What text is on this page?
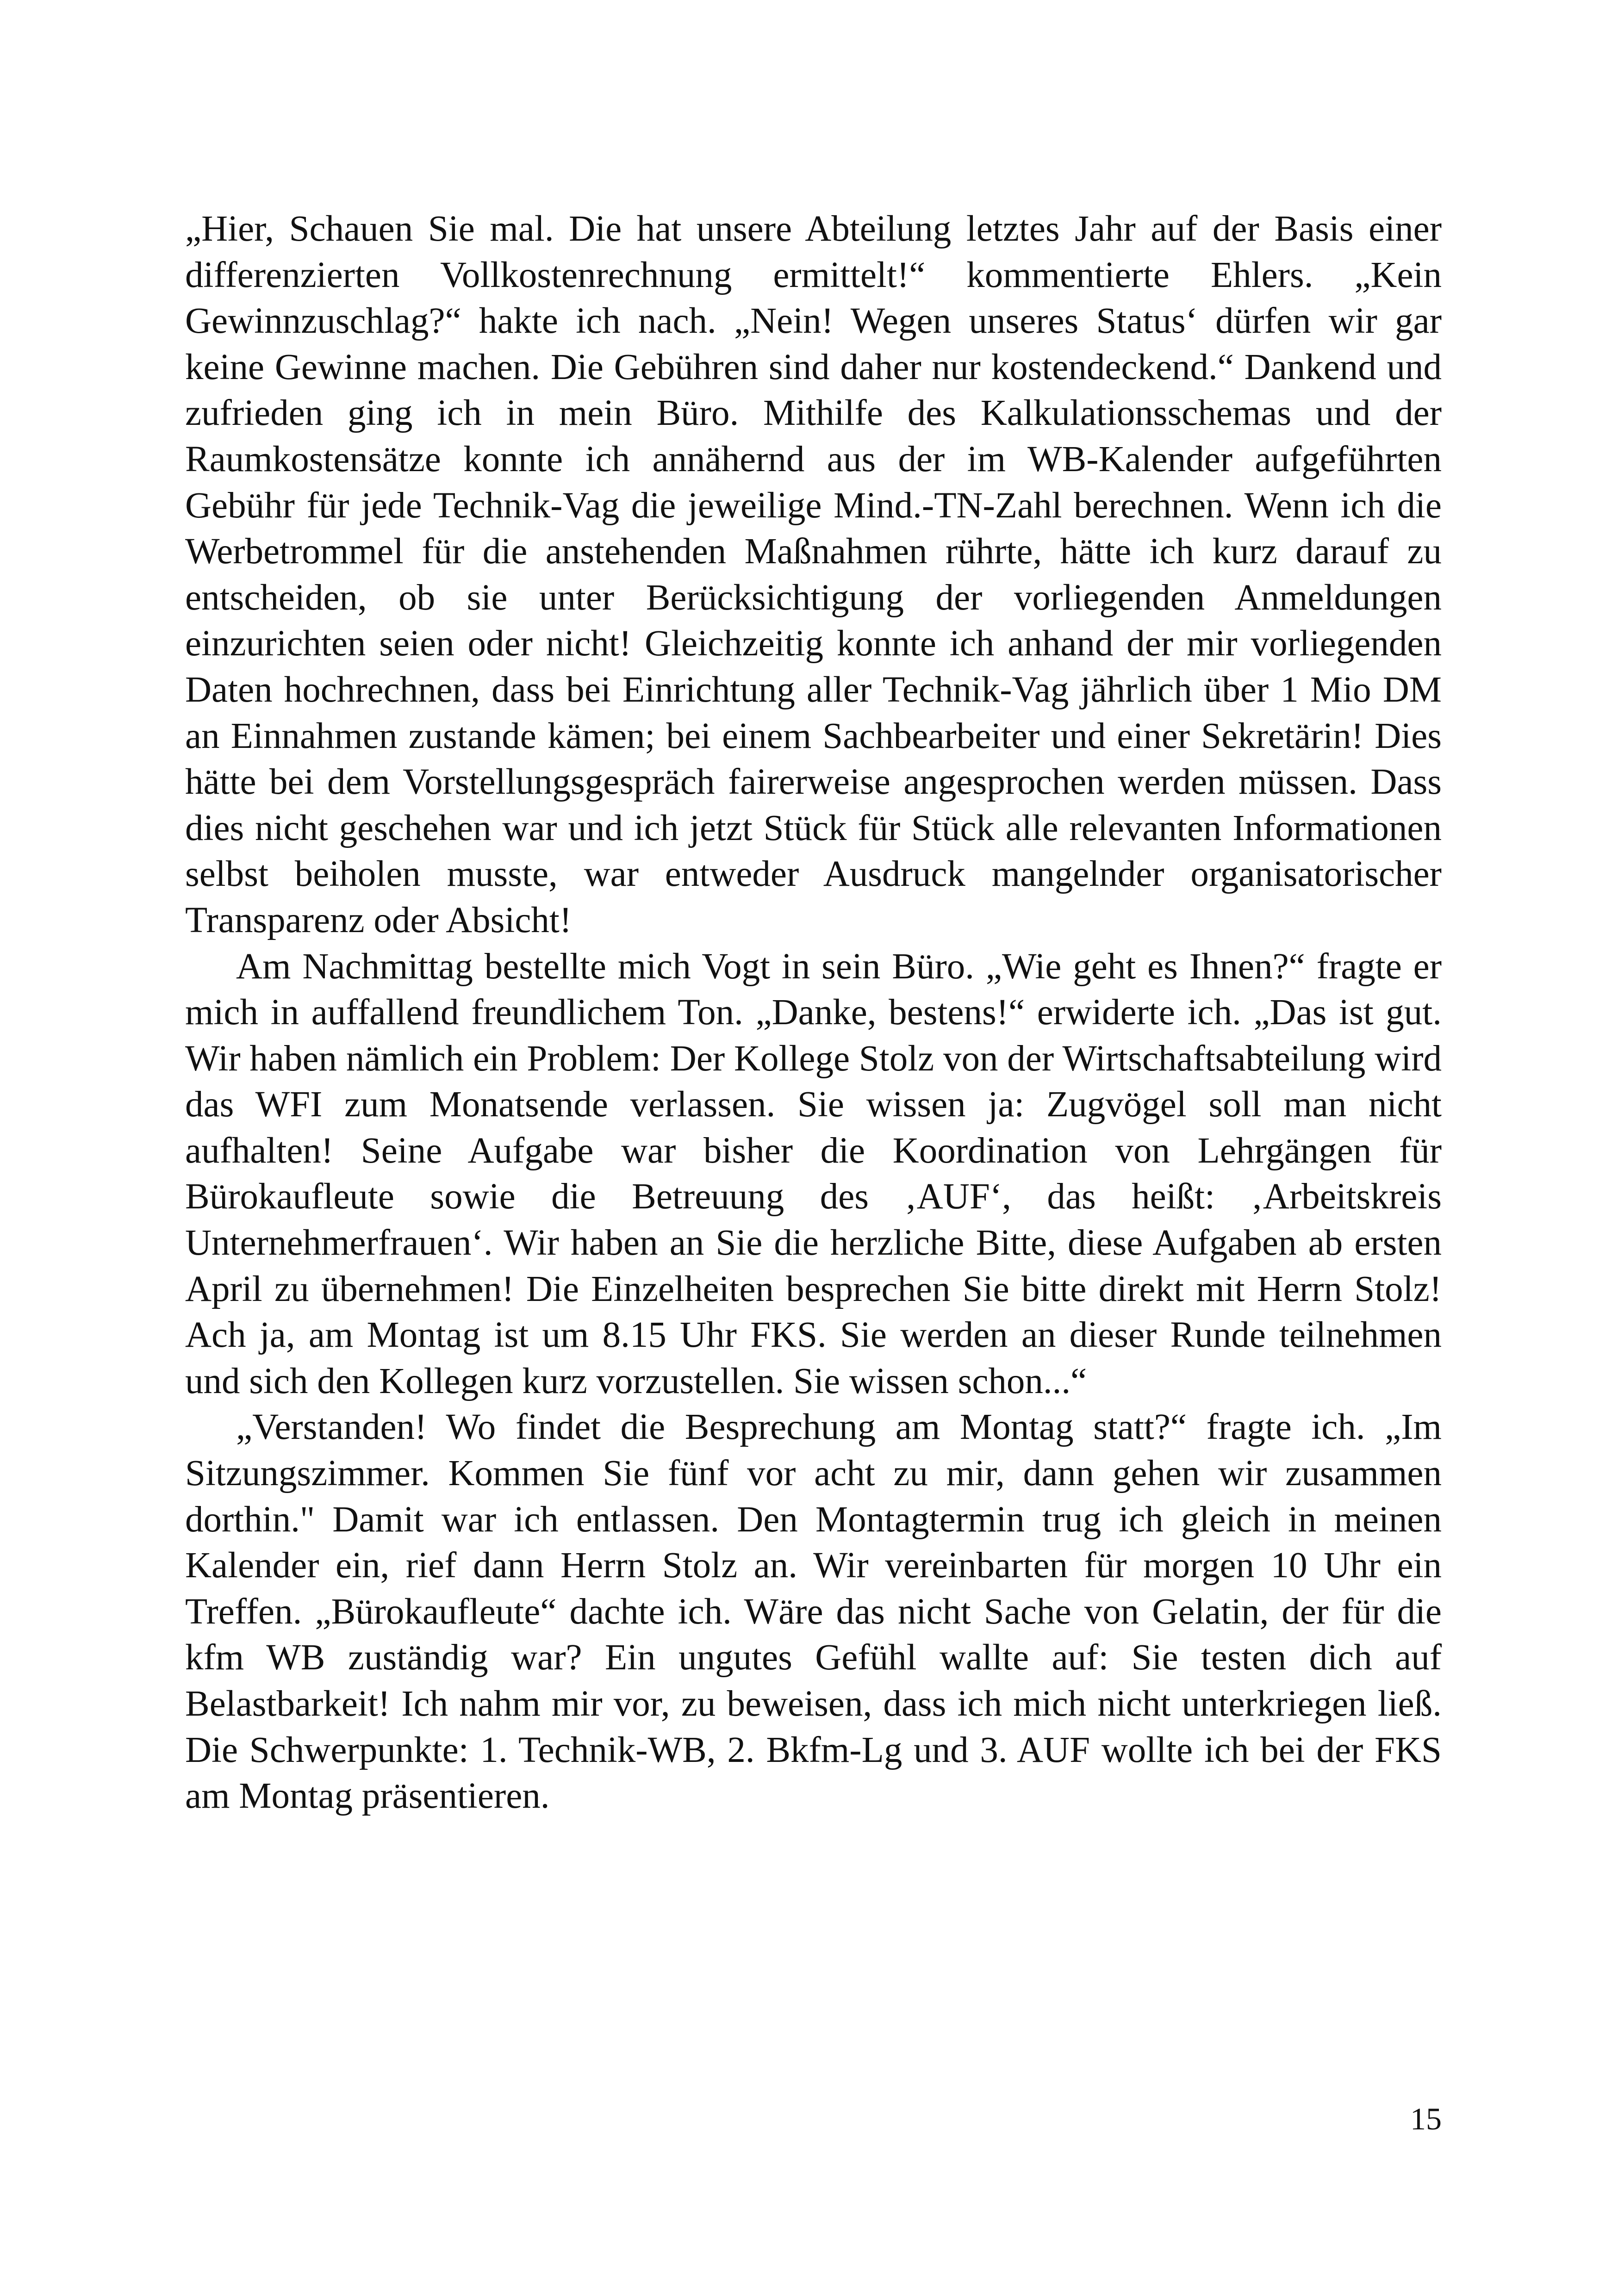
„Hier, Schauen Sie mal. Die hat unsere Abteilung letztes Jahr auf der Basis einer differenzierten Vollkostenrechnung ermittelt!“ kommentierte Ehlers. „Kein Gewinnzuschlag?“ hakte ich nach. „Nein! Wegen unseres Status‘ dürfen wir gar keine Gewinne machen. Die Gebühren sind daher nur kostendeckend.“ Dankend und zufrieden ging ich in mein Büro. Mithilfe des Kalkulationsschemas und der Raumkostensätze konnte ich annähernd aus der im WB-Kalender aufgeführten Gebühr für jede Technik-Vag die jeweilige Mind.-TN-Zahl berechnen. Wenn ich die Werbetrommel für die anstehenden Maßnahmen rührte, hätte ich kurz darauf zu entscheiden, ob sie unter Berücksichtigung der vorliegenden Anmeldungen einzurichten seien oder nicht! Gleichzeitig konnte ich anhand der mir vorliegenden Daten hochrechnen, dass bei Einrichtung aller Technik-Vag jährlich über 1 Mio DM an Einnahmen zustande kämen; bei einem Sachbearbeiter und einer Sekretärin! Dies hätte bei dem Vorstellungsgespräch fairerweise angesprochen werden müssen. Dass dies nicht geschehen war und ich jetzt Stück für Stück alle relevanten Informationen selbst beiholen musste, war entweder Ausdruck mangelnder organisatorischer Transparenz oder Absicht!

Am Nachmittag bestellte mich Vogt in sein Büro. „Wie geht es Ihnen?“ fragte er mich in auffallend freundlichem Ton. „Danke, bestens!“ erwiderte ich. „Das ist gut. Wir haben nämlich ein Problem: Der Kollege Stolz von der Wirtschaftsabteilung wird das WFI zum Monatsende verlassen. Sie wissen ja: Zugvögel soll man nicht aufhalten! Seine Aufgabe war bisher die Koordination von Lehrgängen für Bürokaufleute sowie die Betreuung des ‚AUF‘, das heißt: ‚Arbeitskreis Unternehmerfrauen‘. Wir haben an Sie die herzliche Bitte, diese Aufgaben ab ersten April zu übernehmen! Die Einzelheiten besprechen Sie bitte direkt mit Herrn Stolz! Ach ja, am Montag ist um 8.15 Uhr FKS. Sie werden an dieser Runde teilnehmen und sich den Kollegen kurz vorzustellen. Sie wissen schon...“

„Verstanden! Wo findet die Besprechung am Montag statt?“ fragte ich. „Im Sitzungszimmer. Kommen Sie fünf vor acht zu mir, dann gehen wir zusammen dorthin." Damit war ich entlassen. Den Montagtermin trug ich gleich in meinen Kalender ein, rief dann Herrn Stolz an. Wir vereinbarten für morgen 10 Uhr ein Treffen. „Bürokaufleute“ dachte ich. Wäre das nicht Sache von Gelatin, der für die kfm WB zuständig war? Ein ungutes Gefühl wallte auf: Sie testen dich auf Belastbarkeit! Ich nahm mir vor, zu beweisen, dass ich mich nicht unterkriegen ließ. Die Schwerpunkte: 1. Technik-WB, 2. Bkfm-Lg und 3. AUF wollte ich bei der FKS am Montag präsentieren.

15
